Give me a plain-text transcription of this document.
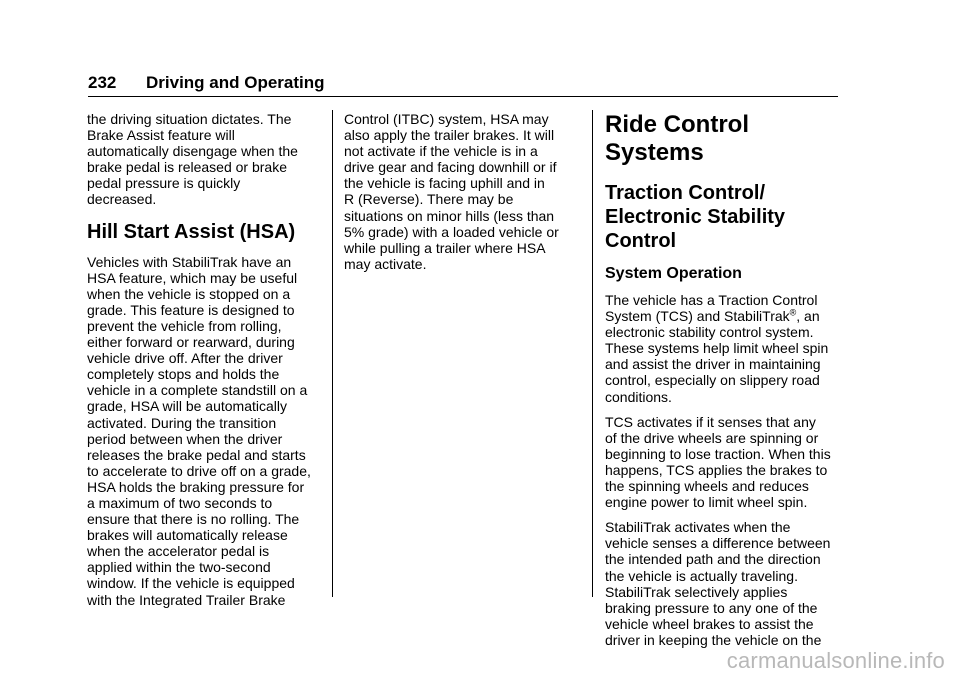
232 Driving and Operating

the driving situation dictates. The
Brake Assist feature will
automatically disengage when the
brake pedal is released or brake
pedal pressure is quickly
decreased.

Hill Start Assist (HSA)

Vehicles with StabiliTrak have an
HSA feature, which may be useful
when the vehicle is stopped on a
grade. This feature is designed to
prevent the vehicle from rolling,
either forward or rearward, during
vehicle drive off. After the driver
completely stops and holds the
vehicle in a complete standstill on a
grade, HSA will be automatically
activated. During the transition
period between when the driver
releases the brake pedal and starts
to accelerate to drive off on a grade,
HSA holds the braking pressure for
a maximum of two seconds to
ensure that there is no rolling. The
brakes will automatically release
when the accelerator pedal is
applied within the two-second
window. If the vehicle is equipped
with the Integrated Trailer Brake

Control (ITBC) system, HSA may
also apply the trailer brakes. It will
not activate if the vehicle is in a
drive gear and facing downhill or if
the vehicle is facing uphill and in
R (Reverse). There may be
situations on minor hills (less than
5% grade) with a loaded vehicle or
while pulling a trailer where HSA
may activate.

Ride Control Systems
Traction Control/
Electronic Stability
Control
System Operation

The vehicle has a Traction Control
System (TCS) and StabiliTrak®, an
electronic stability control system.
These systems help limit wheel spin
and assist the driver in maintaining
control, especially on slippery road
conditions.

TCS activates if it senses that any
of the drive wheels are spinning or
beginning to lose traction. When this
happens, TCS applies the brakes to
the spinning wheels and reduces
engine power to limit wheel spin.

StabiliTrak activates when the
vehicle senses a difference between
the intended path and the direction
the vehicle is actually traveling.
StabiliTrak selectively applies
braking pressure to any one of the
vehicle wheel brakes to assist the
driver in keeping the vehicle on the

carmanualsonline.info
